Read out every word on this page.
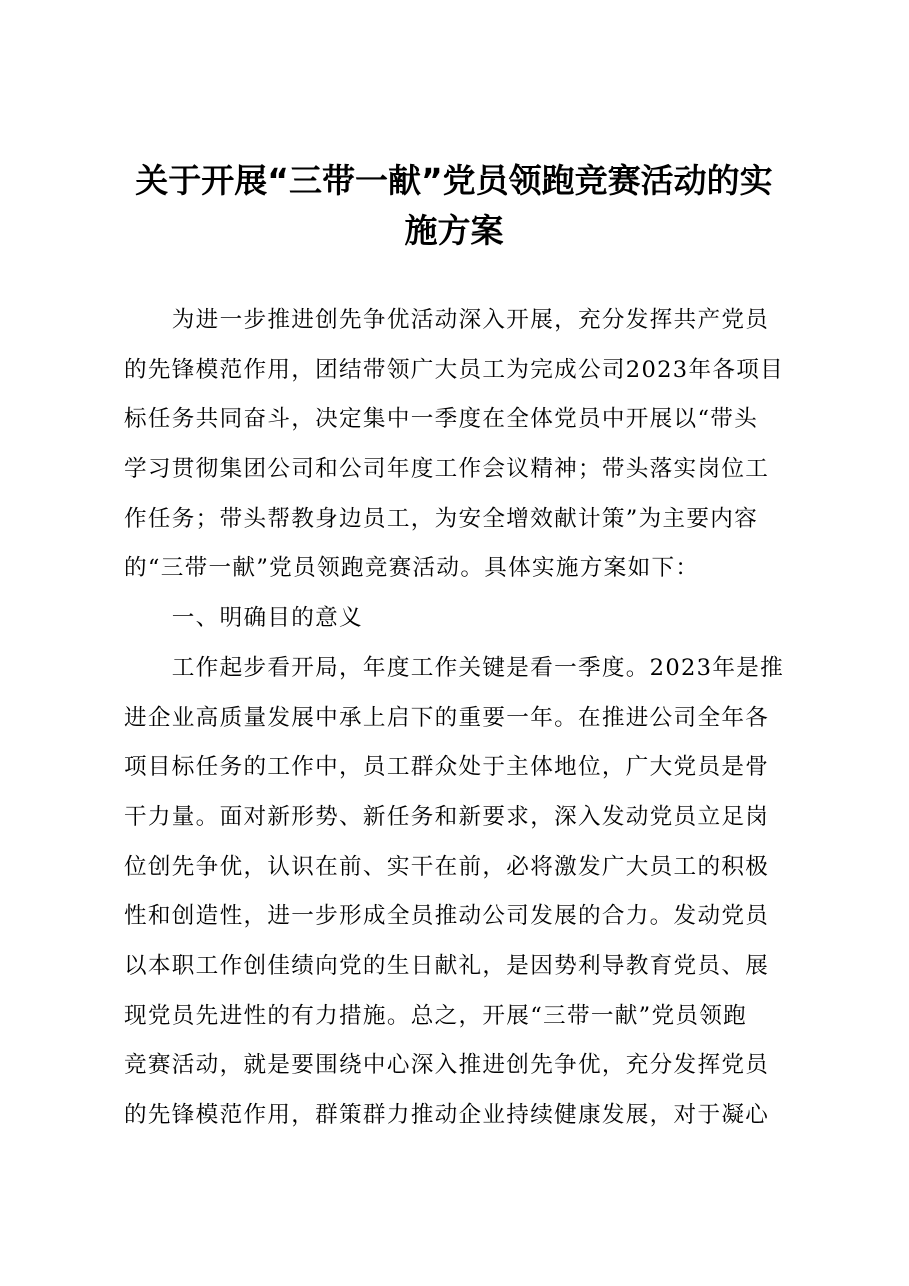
关于开展“三带一献”党员领跑竞赛活动的实
施方案
　　为进一步推进创先争优活动深入开展，充分发挥共产党员
的先锋模范作用，团结带领广大员工为完成公司2023年各项目
标任务共同奋斗，决定集中一季度在全体党员中开展以“带头
学习贯彻集团公司和公司年度工作会议精神；带头落实岗位工
作任务；带头帮教身边员工，为安全增效献计策”为主要内容
的“三带一献”党员领跑竞赛活动。具体实施方案如下：
　　一、明确目的意义
　　工作起步看开局，年度工作关键是看一季度。2023年是推
进企业高质量发展中承上启下的重要一年。在推进公司全年各
项目标任务的工作中，员工群众处于主体地位，广大党员是骨
干力量。面对新形势、新任务和新要求，深入发动党员立足岗
位创先争优，认识在前、实干在前，必将激发广大员工的积极
性和创造性，进一步形成全员推动公司发展的合力。发动党员
以本职工作创佳绩向党的生日献礼，是因势利导教育党员、展
现党员先进性的有力措施。总之，开展“三带一献”党员领跑
竞赛活动，就是要围绕中心深入推进创先争优，充分发挥党员
的先锋模范作用，群策群力推动企业持续健康发展，对于凝心
